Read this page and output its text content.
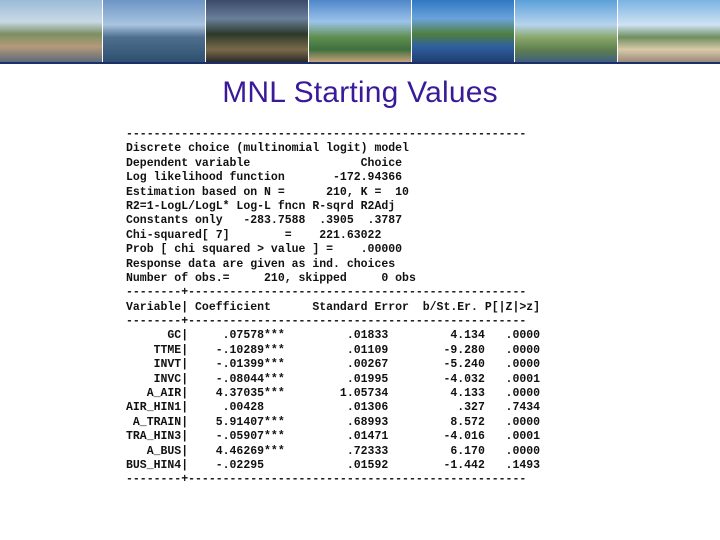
MNL Starting Values
----------------------------------------------------------
Discrete choice (multinomial logit) model
Dependent variable                Choice
Log likelihood function       -172.94366
Estimation based on N =      210, K =  10
R2=1-LogL/LogL* Log-L fncn R-sqrd R2Adj
Constants only   -283.7588  .3905  .3787
Chi-squared[ 7]        =    221.63022
Prob [ chi squared > value ] =    .00000
Response data are given as ind. choices
Number of obs.=     210, skipped     0 obs
--------+-------------------------------------------------
Variable| Coefficient      Standard Error  b/St.Er. P[|Z|>z]
--------+-------------------------------------------------
GC|     .07578***         .01833         4.134   .0000
TTME|    -.10289***         .01109        -9.280   .0000
INVT|    -.01399***         .00267        -5.240   .0000
INVC|    -.08044***         .01995        -4.032   .0001
A_AIR|    4.37035***        1.05734         4.133   .0000
AIR_HIN1|     .00428            .01306          .327   .7434
A_TRAIN|    5.91407***         .68993         8.572   .0000
TRA_HIN3|    -.05907***         .01471        -4.016   .0001
A_BUS|    4.46269***         .72333         6.170   .0000
BUS_HIN4|    -.02295            .01592        -1.442   .1493
--------+-------------------------------------------------
